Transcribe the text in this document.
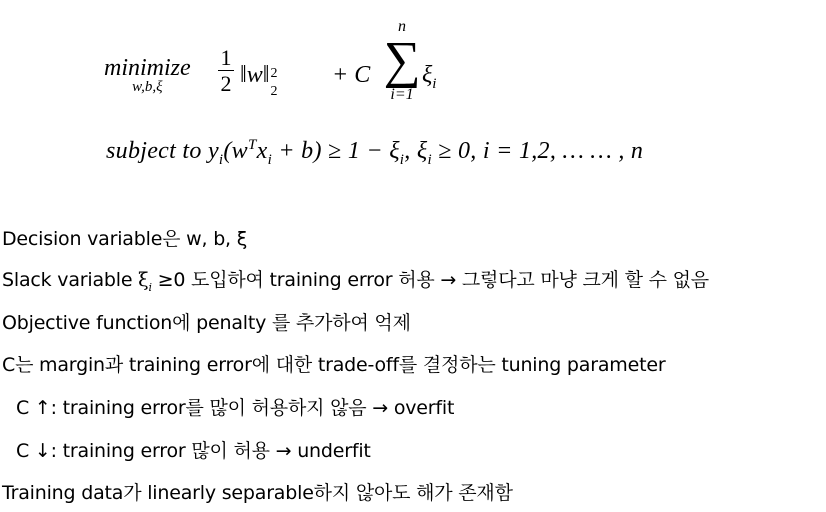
minimize
w,b,ξ	$\frac{1}{2}$ ‖w‖ 2
2
+ C
n
∑
i=1
$\xi_i$
subject to $y_i(w^Tx_i + b) \ge 1 - \xi_i$, $\xi_i \ge 0$, i = 1,2, … … , n
Decision variable은 w, b, ξ
Slack variable $\xi_i \ge 0$ 도입하여 training error 허용 → 그렇다고 마냥 크게 할 수 없음
Objective function에 penalty 를 추가하여 억제
C는 margin과 training error에 대한 trade-off를 결정하는 tuning parameter
C ↑: training error를 많이 허용하지 않음 → overfit
C ↓: training error 많이 허용 → underfit
Training data가 linearly separable하지 않아도 해가 존재함
